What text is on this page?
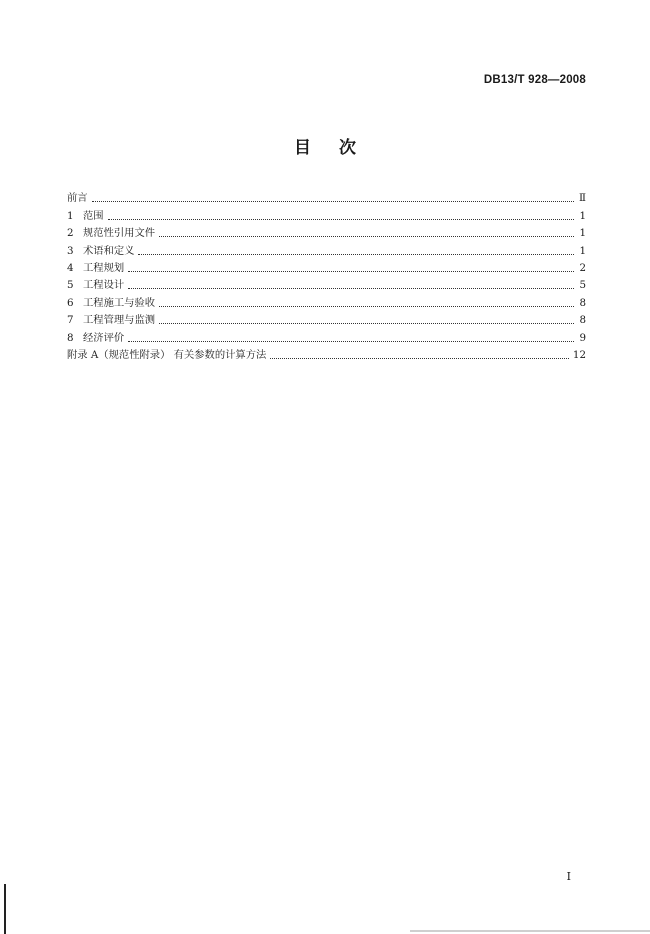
DB13/T 928—2008
目 次
前言	Ⅱ
1 范围	1
2 规范性引用文件	1
3 术语和定义	1
4 工程规划	2
5 工程设计	5
6 工程施工与验收	8
7 工程管理与监测	8
8 经济评价	9
附录 A（规范性附录） 有关参数的计算方法	12
I
